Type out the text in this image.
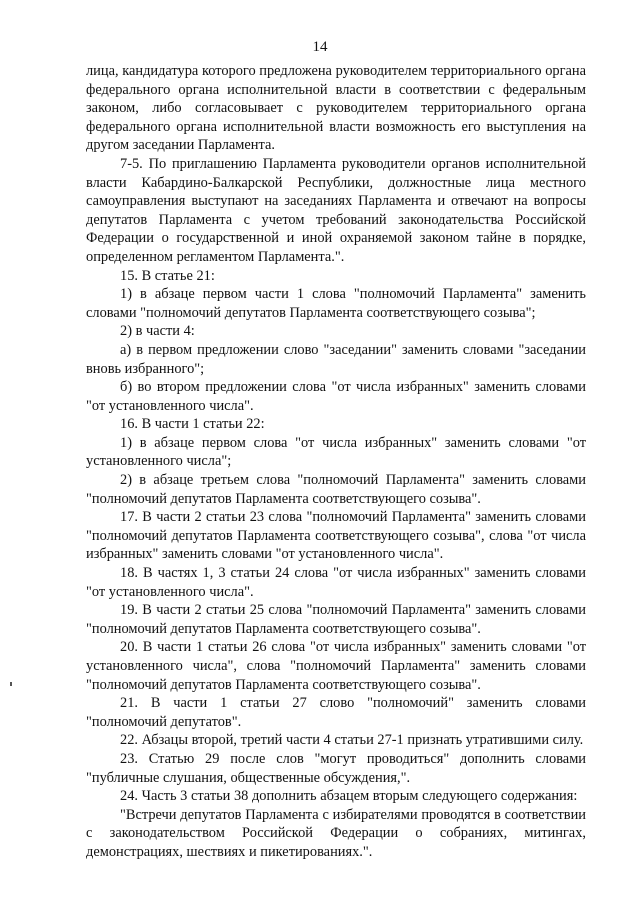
14

лица, кандидатура которого предложена руководителем территориального органа федерального органа исполнительной власти в соответствии с федеральным законом, либо согласовывает с руководителем территориального органа федерального органа исполнительной власти возможность его выступления на другом заседании Парламента.

7-5. По приглашению Парламента руководители органов исполнительной власти Кабардино-Балкарской Республики, должностные лица местного самоуправления выступают на заседаниях Парламента и отвечают на вопросы депутатов Парламента с учетом требований законодательства Российской Федерации о государственной и иной охраняемой законом тайне в порядке, определенном регламентом Парламента.".

15. В статье 21:

1) в абзаце первом части 1 слова "полномочий Парламента" заменить словами "полномочий депутатов Парламента соответствующего созыва";

2) в части 4:

а) в первом предложении слово "заседании" заменить словами "заседании вновь избранного";

б) во втором предложении слова "от числа избранных" заменить словами "от установленного числа".

16. В части 1 статьи 22:

1) в абзаце первом слова "от числа избранных" заменить словами "от установленного числа";

2) в абзаце третьем слова "полномочий Парламента" заменить словами "полномочий депутатов Парламента соответствующего созыва".

17. В части 2 статьи 23 слова "полномочий Парламента" заменить словами "полномочий депутатов Парламента соответствующего созыва", слова "от числа избранных" заменить словами "от установленного числа".

18. В частях 1, 3 статьи 24 слова "от числа избранных" заменить словами "от установленного числа".

19. В части 2 статьи 25 слова "полномочий Парламента" заменить словами "полномочий депутатов Парламента соответствующего созыва".

20. В части 1 статьи 26 слова "от числа избранных" заменить словами "от установленного числа", слова "полномочий Парламента" заменить словами "полномочий депутатов Парламента соответствующего созыва".

21. В части 1 статьи 27 слово "полномочий" заменить словами "полномочий депутатов".

22. Абзацы второй, третий части 4 статьи 27-1 признать утратившими силу.

23. Статью 29 после слов "могут проводиться" дополнить словами "публичные слушания, общественные обсуждения,".

24. Часть 3 статьи 38 дополнить абзацем вторым следующего содержания:

"Встречи депутатов Парламента с избирателями проводятся в соответствии с законодательством Российской Федерации о собраниях, митингах, демонстрациях, шествиях и пикетированиях.".
